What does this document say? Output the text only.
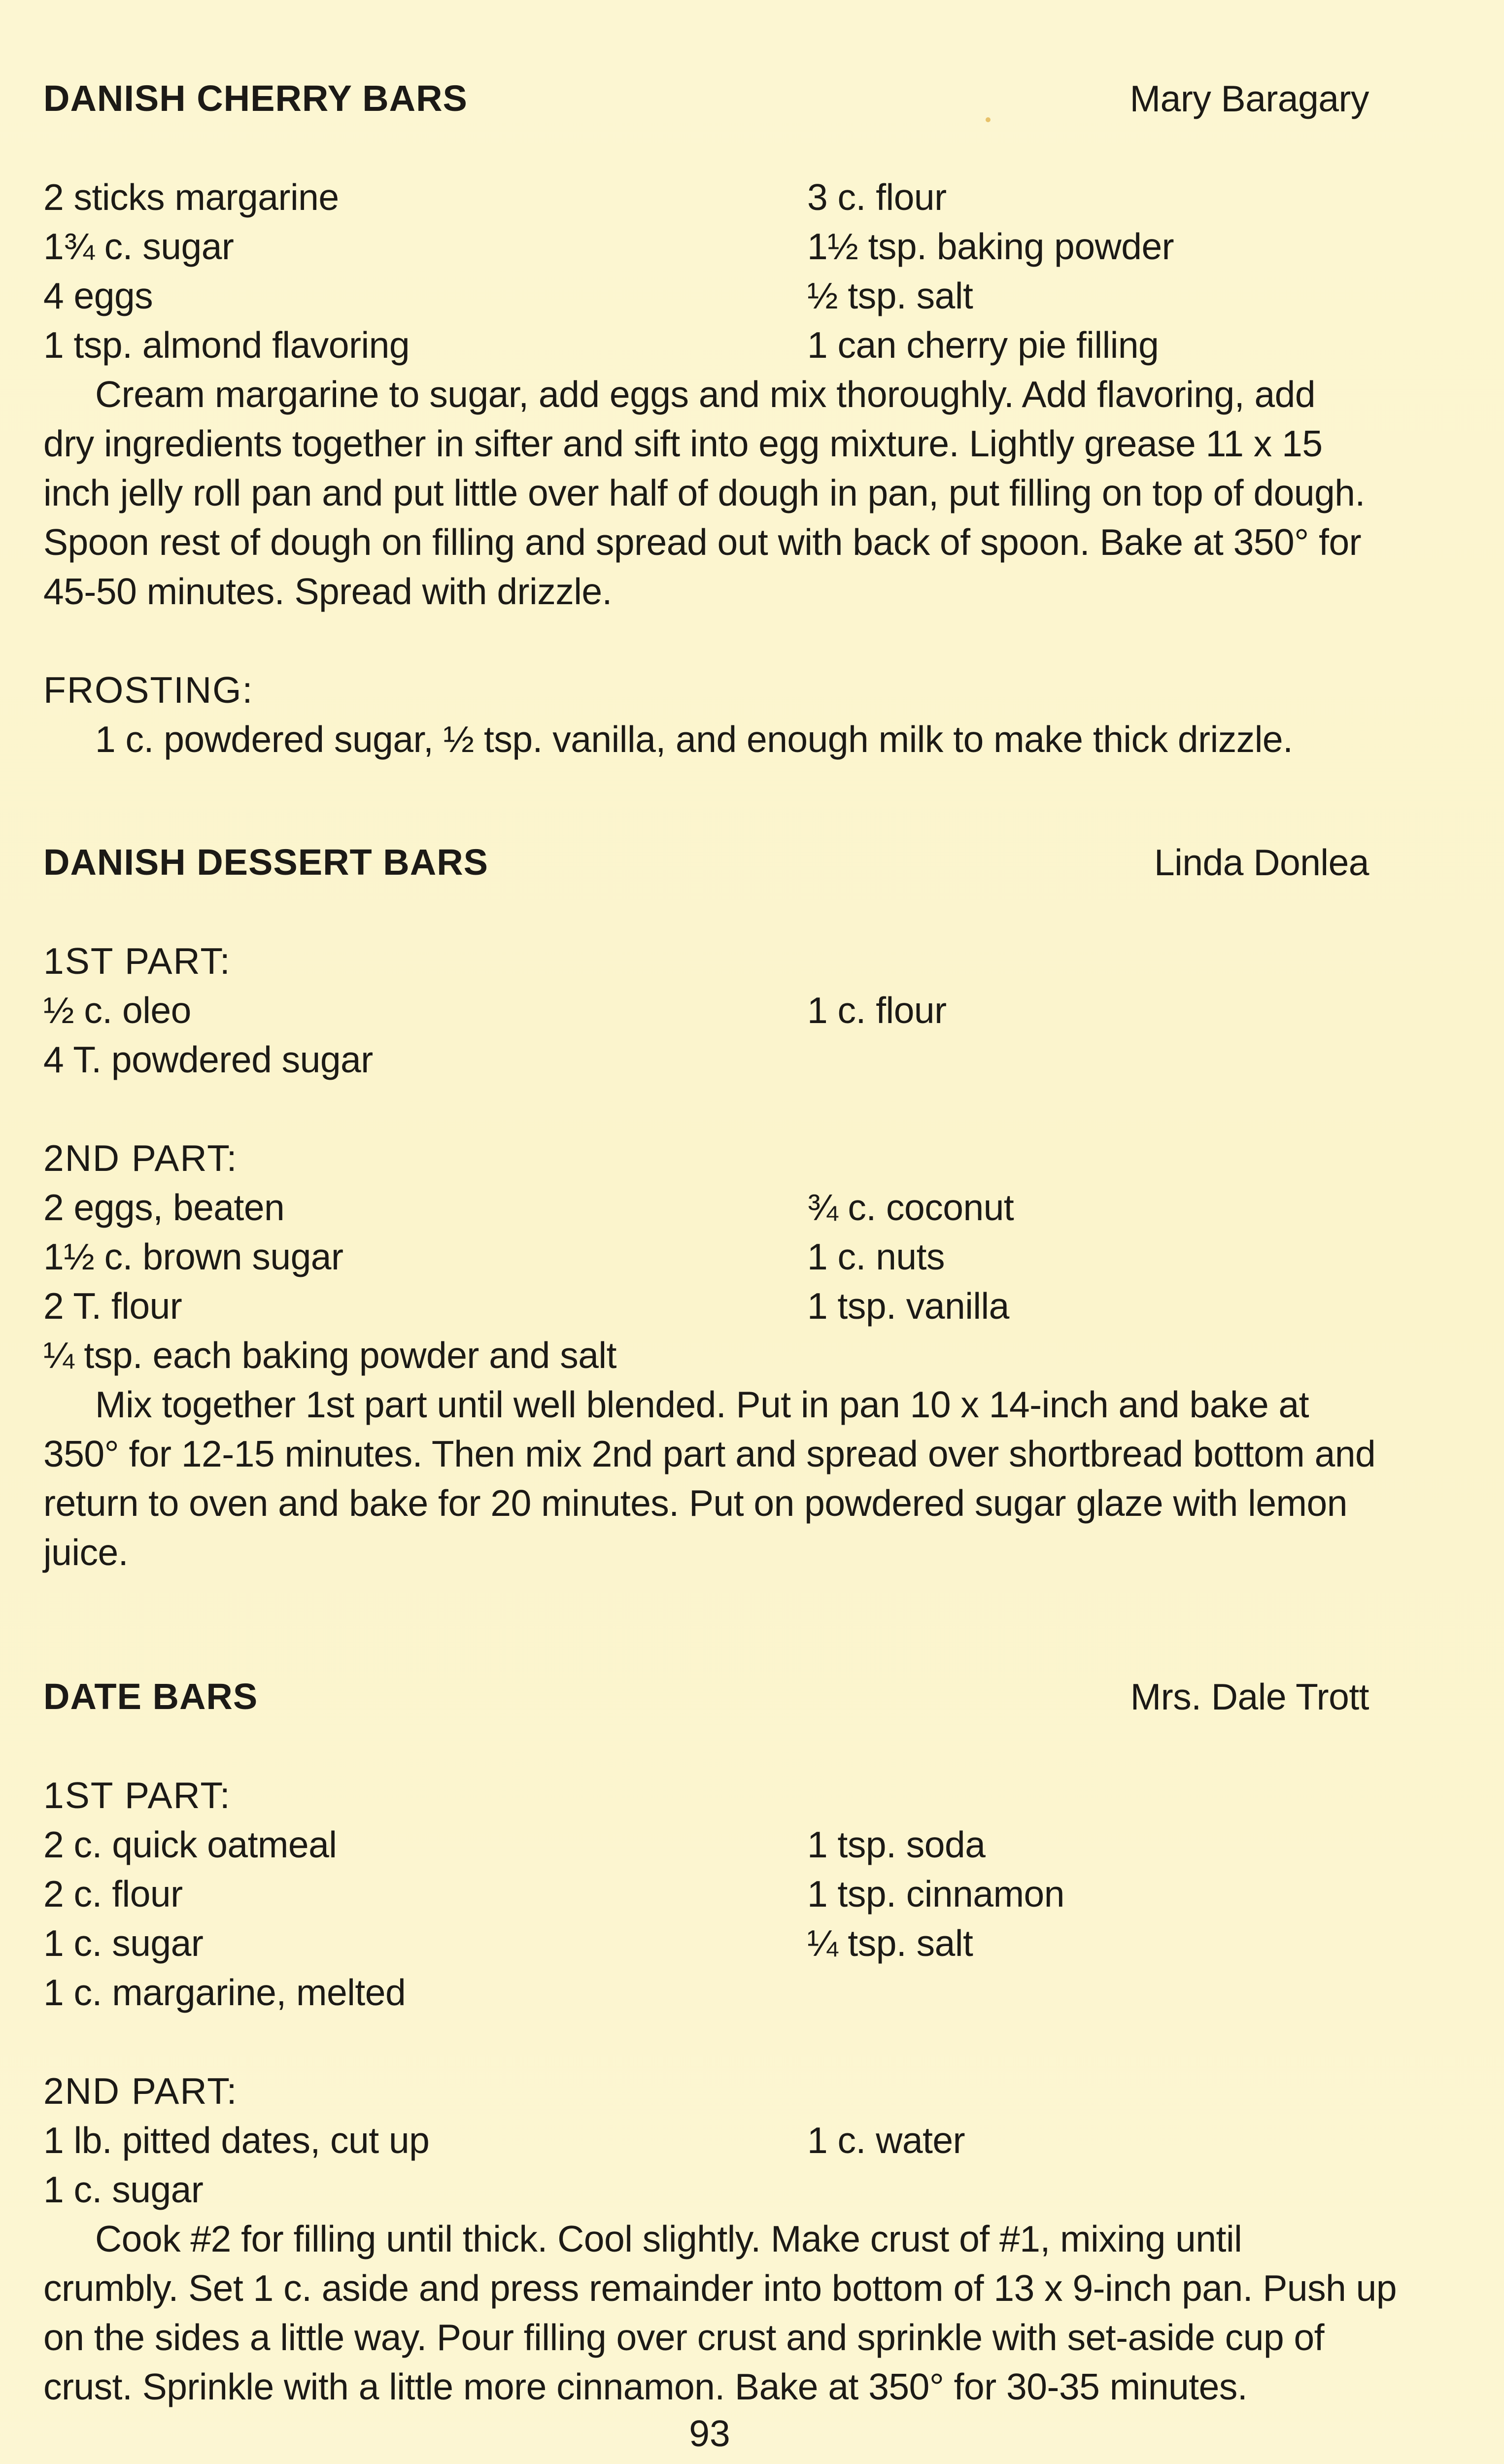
DANISH CHERRY BARS	Mary Baragary
2 sticks margarine	3 c. flour
1¾ c. sugar	1½ tsp. baking powder
4 eggs	½ tsp. salt
1 tsp. almond flavoring	1 can cherry pie filling
Cream margarine to sugar, add eggs and mix thoroughly. Add flavoring, add
dry ingredients together in sifter and sift into egg mixture. Lightly grease 11 x 15
inch jelly roll pan and put little over half of dough in pan, put filling on top of dough.
Spoon rest of dough on filling and spread out with back of spoon. Bake at 350° for
45-50 minutes. Spread with drizzle.
FROSTING:
1 c. powdered sugar, ½ tsp. vanilla, and enough milk to make thick drizzle.
DANISH DESSERT BARS	Linda Donlea
1ST PART:
½ c. oleo	1 c. flour
4 T. powdered sugar
2ND PART:
2 eggs, beaten	¾ c. coconut
1½ c. brown sugar	1 c. nuts
2 T. flour	1 tsp. vanilla
¼ tsp. each baking powder and salt
Mix together 1st part until well blended. Put in pan 10 x 14-inch and bake at
350° for 12-15 minutes. Then mix 2nd part and spread over shortbread bottom and
return to oven and bake for 20 minutes. Put on powdered sugar glaze with lemon
juice.
DATE BARS	Mrs. Dale Trott
1ST PART:
2 c. quick oatmeal	1 tsp. soda
2 c. flour	1 tsp. cinnamon
1 c. sugar	¼ tsp. salt
1 c. margarine, melted
2ND PART:
1 lb. pitted dates, cut up	1 c. water
1 c. sugar
Cook #2 for filling until thick. Cool slightly. Make crust of #1, mixing until
crumbly. Set 1 c. aside and press remainder into bottom of 13 x 9-inch pan. Push up
on the sides a little way. Pour filling over crust and sprinkle with set-aside cup of
crust. Sprinkle with a little more cinnamon. Bake at 350° for 30-35 minutes.
93
